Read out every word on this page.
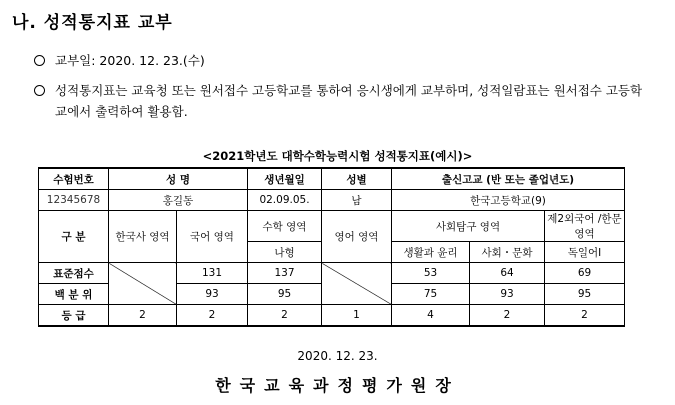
나. 성적통지표 교부
교부일: 2020. 12. 23.(수)
성적통지표는 교육청 또는 원서접수 고등학교를 통하여 응시생에게 교부하며, 성적일람표는 원서접수 고등학교에서 출력하여 활용함.
<2021학년도 대학수학능력시험 성적통지표(예시)>
수험번호	성 명		생년월일	성별	출신고교 (반 또는 졸업년도)		
12345678	홍길동		02.09.05.	남	한국고등학교(9)		
구 분	한국사 영역	국어 영역	수학 영역	영어 영역	사회탐구 영역		제2외국어 /한문 영역
			나형		생활과 윤리	사회・문화	독일어Ⅰ
표준점수		131	137		53	64	69
백 분 위		93	95		75	93	95
등 급	2	2	2	1	4	2	2
2020. 12. 23.
한국교육과정평가원장
